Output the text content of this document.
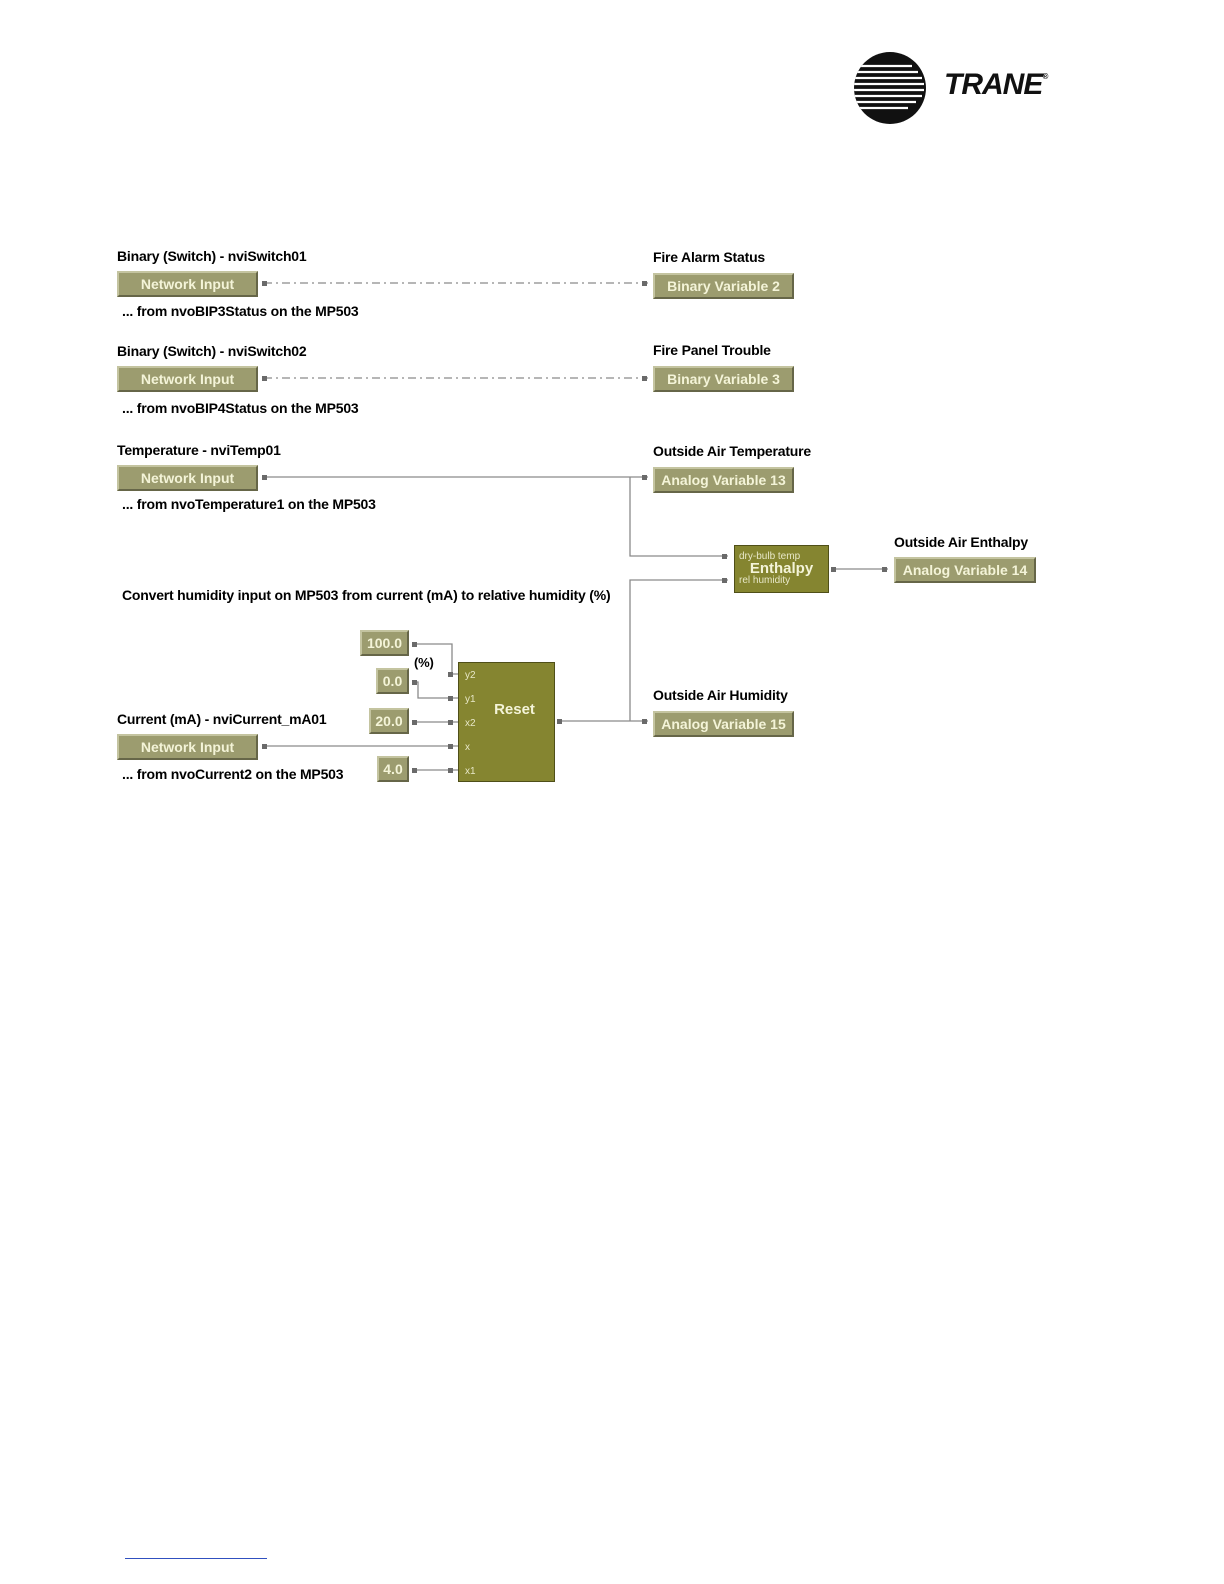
TRANE®
Binary (Switch) - nviSwitch01
Network Input
... from nvoBIP3Status on the MP503
Fire Alarm Status
Binary Variable 2
Binary (Switch) - nviSwitch02
Network Input
... from nvoBIP4Status on the MP503
Fire Panel Trouble
Binary Variable 3
Temperature - nviTemp01
Network Input
... from nvoTemperature1 on the MP503
Outside Air Temperature
Analog Variable 13
dry-bulb temp
Enthalpy
rel humidity
Outside Air Enthalpy
Analog Variable 14
Convert humidity input on MP503 from current (mA) to relative humidity (%)
100.0
(%)
0.0
20.0
4.0
Current (mA) - nviCurrent_mA01
Network Input
... from nvoCurrent2 on the MP503
y2
y1
Reset
x2
x
x1
Outside Air Humidity
Analog Variable 15
